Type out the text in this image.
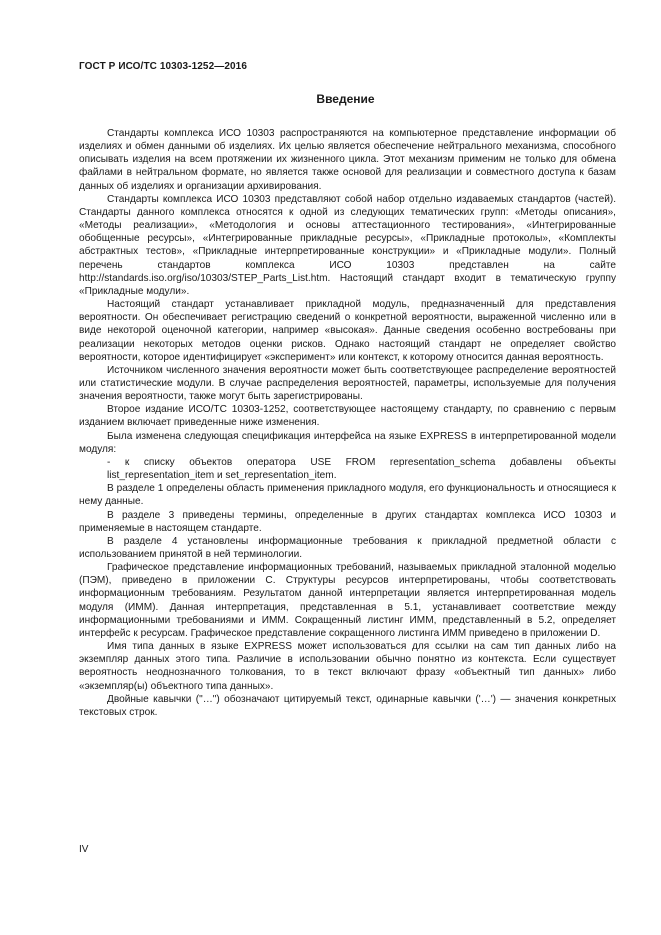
ГОСТ Р ИСО/ТС 10303-1252—2016
Введение

Стандарты комплекса ИСО 10303 распространяются на компьютерное представление информации об изделиях и обмен данными об изделиях. Их целью является обеспечение нейтрального механизма, способного описывать изделия на всем протяжении их жизненного цикла. Этот механизм применим не только для обмена файлами в нейтральном формате, но является также основой для реализации и совместного доступа к базам данных об изделиях и организации архивирования.

Стандарты комплекса ИСО 10303 представляют собой набор отдельно издаваемых стандартов (частей). Стандарты данного комплекса относятся к одной из следующих тематических групп: «Методы описания», «Методы реализации», «Методология и основы аттестационного тестирования», «Интегрированные обобщенные ресурсы», «Интегрированные прикладные ресурсы», «Прикладные протоколы», «Комплекты абстрактных тестов», «Прикладные интерпретированные конструкции» и «Прикладные модули». Полный перечень стандартов комплекса ИСО 10303 представлен на сайте http://standards.iso.org/iso/10303/STEP_Parts_List.htm. Настоящий стандарт входит в тематическую группу «Прикладные модули».

Настоящий стандарт устанавливает прикладной модуль, предназначенный для представления вероятности. Он обеспечивает регистрацию сведений о конкретной вероятности, выраженной численно или в виде некоторой оценочной категории, например «высокая». Данные сведения особенно востребованы при реализации некоторых методов оценки рисков. Однако настоящий стандарт не определяет свойство вероятности, которое идентифицирует «эксперимент» или контекст, к которому относится данная вероятность.

Источником численного значения вероятности может быть соответствующее распределение вероятностей или статистические модули. В случае распределения вероятностей, параметры, используемые для получения значения вероятности, также могут быть зарегистрированы.

Второе издание ИСО/ТС 10303-1252, соответствующее настоящему стандарту, по сравнению с первым изданием включает приведенные ниже изменения.

Была изменена следующая спецификация интерфейса на языке EXPRESS в интерпретированной модели модуля:

- к списку объектов оператора USE FROM representation_schema добавлены объекты list_representation_item и set_representation_item.

В разделе 1 определены область применения прикладного модуля, его функциональность и относящиеся к нему данные.

В разделе 3 приведены термины, определенные в других стандартах комплекса ИСО 10303 и применяемые в настоящем стандарте.

В разделе 4 установлены информационные требования к прикладной предметной области с использованием принятой в ней терминологии.

Графическое представление информационных требований, называемых прикладной эталонной моделью (ПЭМ), приведено в приложении С. Структуры ресурсов интерпретированы, чтобы соответствовать информационным требованиям. Результатом данной интерпретации является интерпретированная модель модуля (ИММ). Данная интерпретация, представленная в 5.1, устанавливает соответствие между информационными требованиями и ИММ. Сокращенный листинг ИММ, представленный в 5.2, определяет интерфейс к ресурсам. Графическое представление сокращенного листинга ИММ приведено в приложении D.

Имя типа данных в языке EXPRESS может использоваться для ссылки на сам тип данных либо на экземпляр данных этого типа. Различие в использовании обычно понятно из контекста. Если существует вероятность неоднозначного толкования, то в текст включают фразу «объектный тип данных» либо «экземпляр(ы) объектного типа данных».

Двойные кавычки ("…") обозначают цитируемый текст, одинарные кавычки ('…') — значения конкретных текстовых строк.

IV
